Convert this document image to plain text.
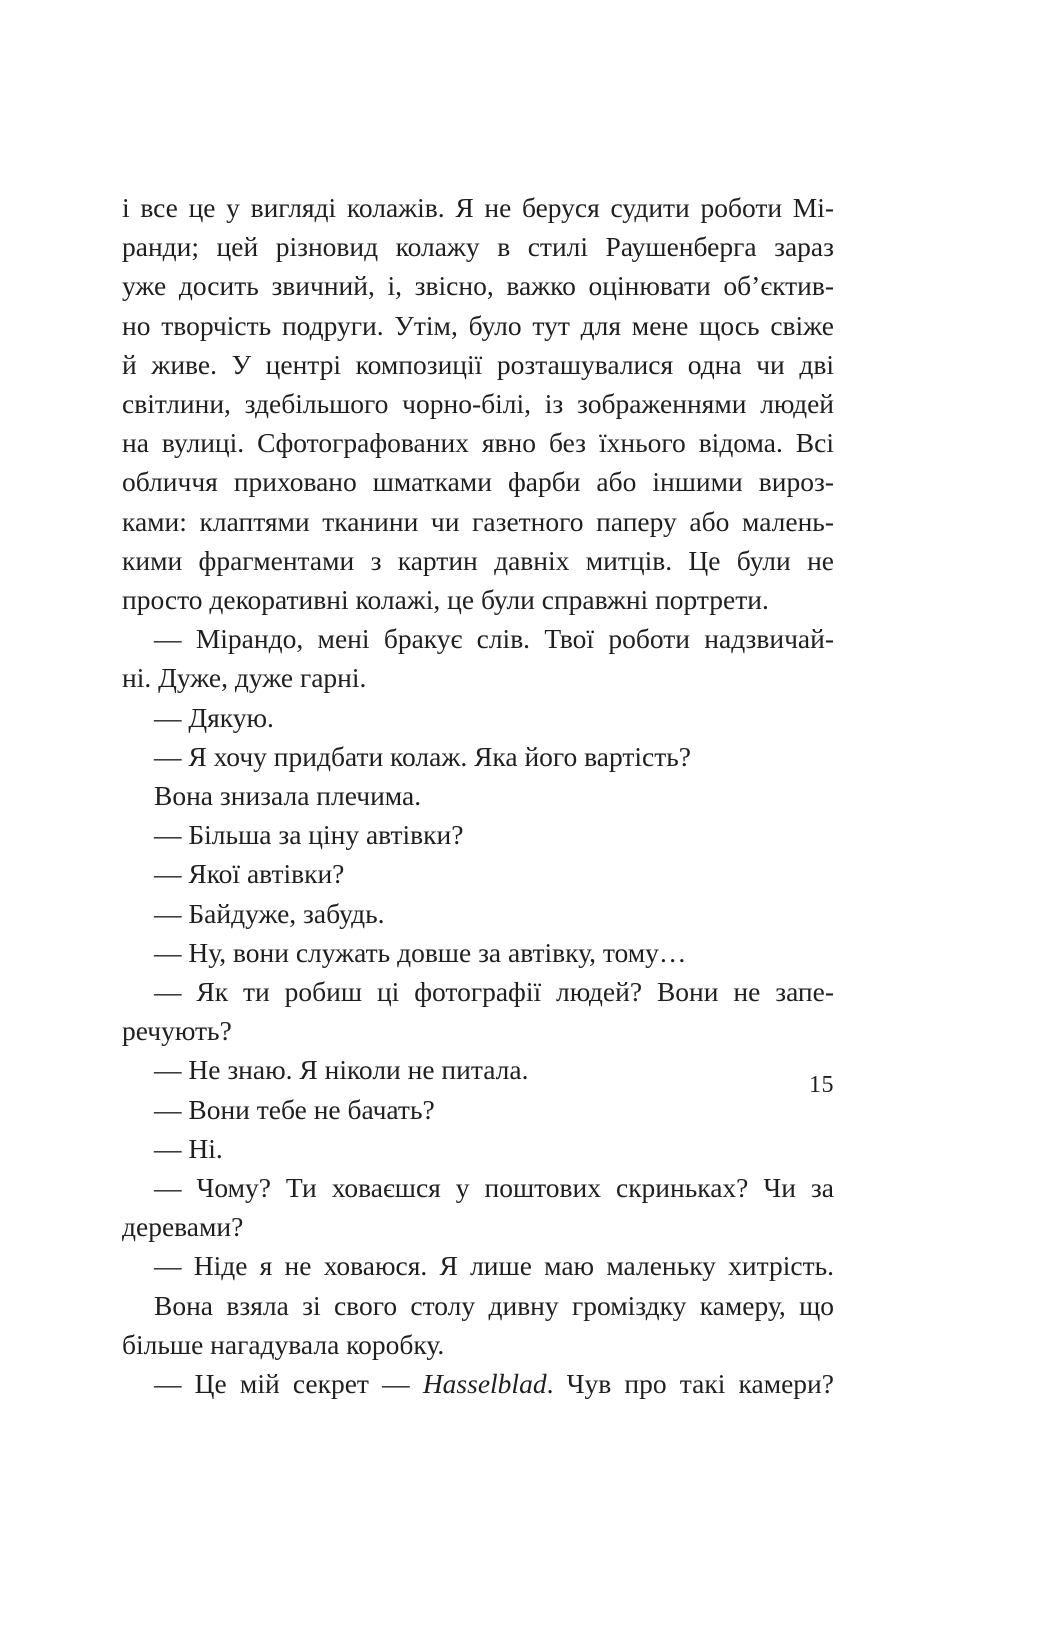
і все це у вигляді колажів. Я не беруся судити роботи Мі-
ранди; цей різновид колажу в стилі Раушенберга зараз
уже досить звичний, і, звісно, важко оцінювати об’єктив-
но творчість подруги. Утім, було тут для мене щось свіже
й живе. У центрі композиції розташувалися одна чи дві
світлини, здебільшого чорно-білі, із зображеннями людей
на вулиці. Сфотографованих явно без їхнього відома. Всі
обличчя приховано шматками фарби або іншими вироз-
ками: клаптями тканини чи газетного паперу або малень-
кими фрагментами з картин давніх митців. Це були не
просто декоративні колажі, це були справжні портрети.
— Мірандо, мені бракує слів. Твої роботи надзвичай-
ні. Дуже, дуже гарні.
— Дякую.
— Я хочу придбати колаж. Яка його вартість?
Вона знизала плечима.
— Більша за ціну автівки?
— Якої автівки?
— Байдуже, забудь.
— Ну, вони служать довше за автівку, тому…
— Як ти робиш ці фотографії людей? Вони не запе-
речують?
— Не знаю. Я ніколи не питала.
— Вони тебе не бачать?
— Ні.
— Чому? Ти ховаєшся у поштових скриньках? Чи за
деревами?
— Ніде я не ховаюся. Я лише маю маленьку хитрість.
Вона взяла зі свого столу дивну громіздку камеру, що
більше нагадувала коробку.
— Це мій секрет — Hasselblad. Чув про такі камери?
15
